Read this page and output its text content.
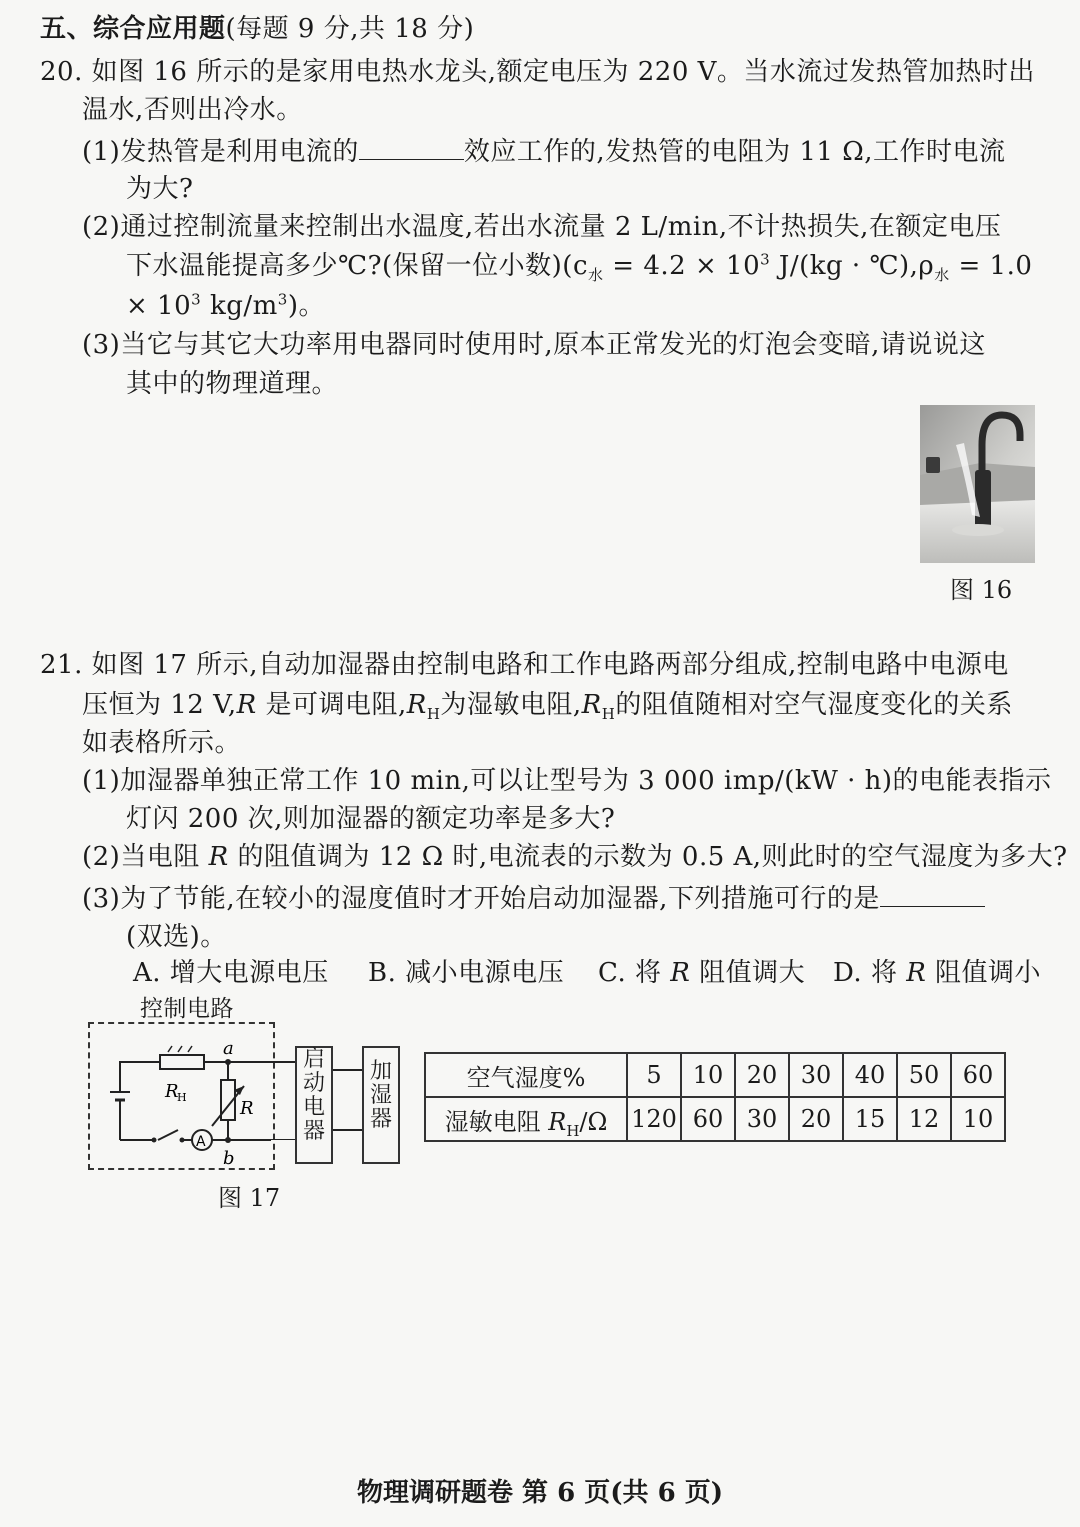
五、综合应用题(每题 9 分,共 18 分)
20. 如图 16 所示的是家用电热水龙头,额定电压为 220 V。当水流过发热管加热时出
温水,否则出冷水。
(1)发热管是利用电流的	效应工作的,发热管的电阻为 11 Ω,工作时电流
为大?
(2)通过控制流量来控制出水温度,若出水流量 2 L/min,不计热损失,在额定电压
下水温能提高多少℃?(保留一位小数)($c_水 = 4.2 \times 10^3$ $J/(kg \cdot ℃),\rho_水 = 1.0$
× $10^3$ $kg/m^3$)。
(3)当它与其它大功率用电器同时使用时,原本正常发光的灯泡会变暗,请说说这
其中的物理道理。
图 16
21. 如图 17 所示,自动加湿器由控制电路和工作电路两部分组成,控制电路中电源电
压恒为 12 V,R 是可调电阻$,R_H$为湿敏电阻$,R_H$的阻值随相对空气湿度变化的关系
如表格所示。
(1)加湿器单独正常工作 10 min,可以让型号为 3 000 imp/(kW · h)的电能表指示
灯闪 200 次,则加湿器的额定功率是多大?
(2)当电阻 R 的阻值调为 12 Ω 时,电流表的示数为 0.5 A,则此时的空气湿度为多大?
(3)为了节能,在较小的湿度值时才开始启动加湿器,下列措施可行的是
(双选)。
A. 增大电源电压 B. 减小电源电压 C. 将 R 阻值调大 D. 将 R 阻值调小
控制电路
a
b
R
H
R
A
启
动
电
器
加
湿
器
图 17
空气湿度%	5	10	20	30	40	50	60
湿敏电阻 $R_H/\Omega$	120	60	30	20	15	12	10
物理调研题卷 第 6 页(共 6 页)
